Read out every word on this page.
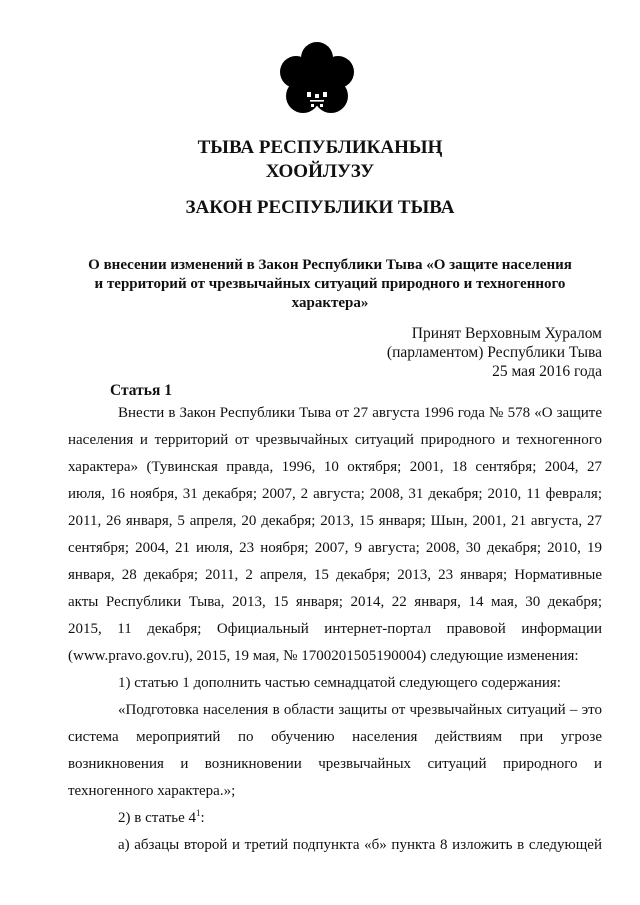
ТЫВА РЕСПУБЛИКАНЫҢ
ХООЙЛУЗУ
ЗАКОН РЕСПУБЛИКИ ТЫВА
О внесении изменений в Закон Республики Тыва «О защите населения
и территорий от чрезвычайных ситуаций природного и техногенного
характера»
Принят Верховным Хуралом
(парламентом) Республики Тыва
25 мая 2016 года
Статья 1
Внести в Закон Республики Тыва от 27 августа 1996 года № 578 «О защите
населения и территорий от чрезвычайных ситуаций природного и техногенного
характера» (Тувинская правда, 1996, 10 октября; 2001, 18 сентября; 2004, 27
июля, 16 ноября, 31 декабря; 2007, 2 августа; 2008, 31 декабря; 2010, 11 февраля;
2011, 26 января, 5 апреля, 20 декабря; 2013, 15 января; Шын, 2001, 21 августа, 27
сентября; 2004, 21 июля, 23 ноября; 2007, 9 августа; 2008, 30 декабря; 2010, 19
января, 28 декабря; 2011, 2 апреля, 15 декабря; 2013, 23 января; Нормативные
акты Республики Тыва, 2013, 15 января; 2014, 22 января, 14 мая, 30 декабря;
2015, 11 декабря; Официальный интернет-портал правовой информации
(www.pravo.gov.ru), 2015, 19 мая, № 1700201505190004) следующие изменения:
1) статью 1 дополнить частью семнадцатой следующего содержания:
«Подготовка населения в области защиты от чрезвычайных ситуаций – это
система мероприятий по обучению населения действиям при угрозе
возникновения и возникновении чрезвычайных ситуаций природного и
техногенного характера.»;
2) в статье $4^1$:
а) абзацы второй и третий подпункта «б» пункта 8 изложить в следующей
